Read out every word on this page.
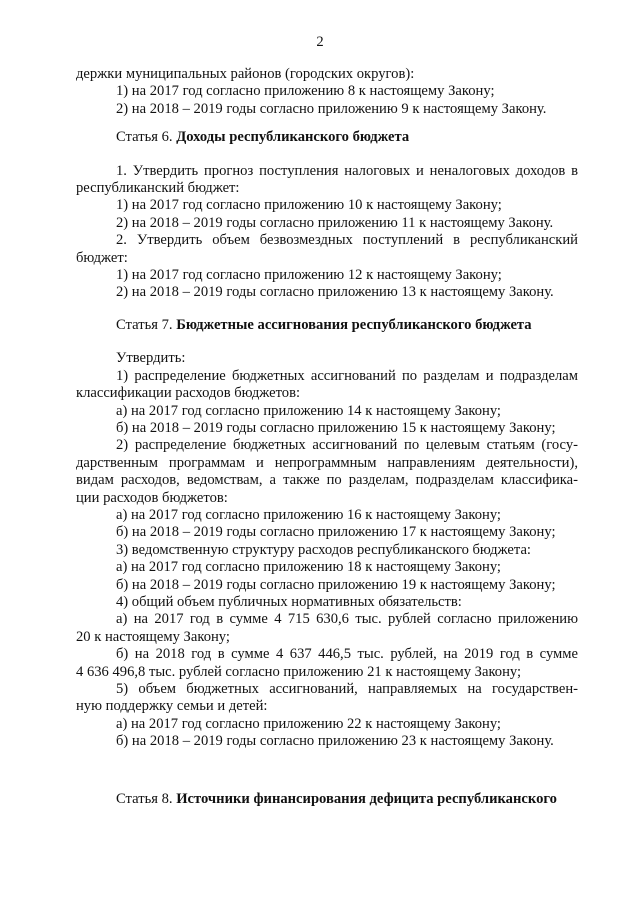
2
держки муниципальных районов (городских округов):
1) на 2017 год согласно приложению 8 к настоящему Закону;
2) на 2018 – 2019 годы согласно приложению 9 к настоящему Закону.
Статья 6. Доходы республиканского бюджета
1. Утвердить прогноз поступления налоговых и неналоговых доходов в
республиканский бюджет:
1) на 2017 год согласно приложению 10 к настоящему Закону;
2) на 2018 – 2019 годы согласно приложению 11 к настоящему Закону.
2. Утвердить объем безвозмездных поступлений в республиканский
бюджет:
1) на 2017 год согласно приложению 12 к настоящему Закону;
2) на 2018 – 2019 годы согласно приложению 13 к настоящему Закону.
Статья 7. Бюджетные ассигнования республиканского бюджета
Утвердить:
1) распределение бюджетных ассигнований по разделам и подразделам
классификации расходов бюджетов:
а) на 2017 год согласно приложению 14 к настоящему Закону;
б) на 2018 – 2019 годы согласно приложению 15 к настоящему Закону;
2) распределение бюджетных ассигнований по целевым статьям (госу-
дарственным программам и непрограммным направлениям деятельности),
видам расходов, ведомствам, а также по разделам, подразделам классифика-
ции расходов бюджетов:
а) на 2017 год согласно приложению 16 к настоящему Закону;
б) на 2018 – 2019 годы согласно приложению 17 к настоящему Закону;
3) ведомственную структуру расходов республиканского бюджета:
а) на 2017 год согласно приложению 18 к настоящему Закону;
б) на 2018 – 2019 годы согласно приложению 19 к настоящему Закону;
4) общий объем публичных нормативных обязательств:
а) на 2017 год в сумме 4 715 630,6 тыс. рублей согласно приложению
20 к настоящему Закону;
б) на 2018 год в сумме 4 637 446,5 тыс. рублей, на 2019 год в сумме
4 636 496,8 тыс. рублей согласно приложению 21 к настоящему Закону;
5) объем бюджетных ассигнований, направляемых на государствен-
ную поддержку семьи и детей:
а) на 2017 год согласно приложению 22 к настоящему Закону;
б) на 2018 – 2019 годы согласно приложению 23 к настоящему Закону.
Статья 8. Источники финансирования дефицита республиканского
